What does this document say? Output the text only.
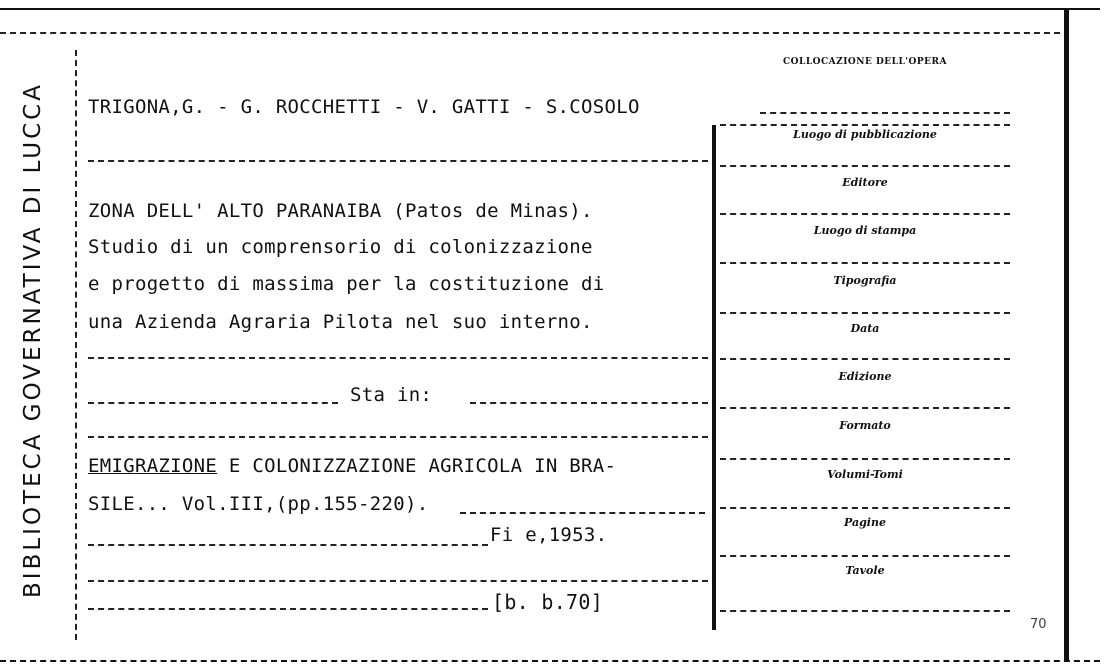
BIBLIOTECA GOVERNATIVA DI LUCCA
COLLOCAZIONE DELL'OPERA
TRIGONA,G. - G. ROCCHETTI - V. GATTI - S.COSOLO
ZONA DELL' ALTO PARANAIBA (Patos de Minas).
Studio di un comprensorio di colonizzazione
e progetto di massima per la costituzione di
una Azienda Agraria Pilota nel suo interno.
Sta in:
EMIGRAZIONE E COLONIZZAZIONE AGRICOLA IN BRA-
SILE... Vol.III,(pp.155-220).
Fi e,1953.
[b. b.70]
Luogo di pubblicazione
Editore
Luogo di stampa
Tipografia
Data
Edizione
Formato
Volumi-Tomi
Pagine
Tavole
70
